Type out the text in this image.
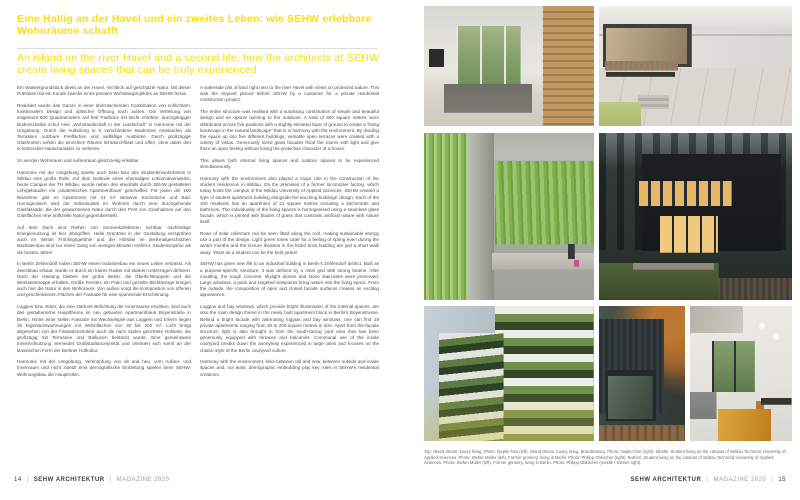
Eine Hallig an der Havel und ein zweites Leben: wie SEHW erlebbare Wohnräume schafft
An island on the river Havel and a second life: how the architects at SEHW create living spaces that can be truly experienced

Ein Wassergrundstück direkt an der Havel, mit Blick auf geschützte Natur. Mit dieser Prämisse trat ein Kunde zwecks eines privaten Wohnbauprojektes an SEHW heran.

Realisiert wurde das Ganze in einer überraschenden Kombination von schlichtem, funktionalem Design und optischer Öffnung nach außen. Die Verteilung von insgesamt 600 Quadratmetern auf fünf Pavillons mit leicht erhöhter, durchgängiger Bodenscheibe schuf eine „Wohnlandschaft in der Landschaft“ in Harmonie mit der Umgebung. Durch die Aufteilung in 5 verschiedene Baukörper entstanden als Terrassen nutzbare Freiflächen und vielfältige Ausblicke. Durch großzügige Glasfronten wirken die einzelnen Räume lichtdurchflutet und offen, ohne dabei den schützenden Hauscharakter zu verlieren.

So werden Wohnraum und Außenraum gleichzeitig erlebbar.

Harmonie mit der Umgebung spielte auch beim Bau des Studentenwohnheims in Wildau eine große Rolle. Auf dem Gelände eines ehemaligen Lokomotivenwerks, heute Campus der TH Wildau, wurde neben den ebenfalls durch SEHW gestalteten Lehrgebäuden ein „studentisches Apartmenthaus“ geschaffen. Für jeden der 100 Bewohner gibt es Apartments mit 21 m² inklusive Kochnische und Bad. Homogenisiert wird die Individualität im Wohnen durch eine durchgehende Glasfassade, die der gewachsenen Natur durch den Print von Grashalmen auf den Glasflächen eine artifizielle Natur gegenüberstellt.

Auf dem Dach sind Reihen von Sonnenkollektoren sichtbar, nachhaltige Energienutzung ist hier inbegriffen. Helle Grüntöne in der Gestaltung versprühen auch im Winter Frühlingsgefühle und die Hörsäle im denkmalgeschützten Backsteinbau sind nur einen Gang von wenigen Minuten entfernt. Studentenjahre als die besten Jahre!

In Berlin Zehlendorf haben SEHW einem Industriebau ein neues Leben verpasst. Als Zweckbau erbaut, wurde er durch ein klares Raster mit starken Unterzügen definiert. Nach der Häutung blieben der grobe Beton, die Oberlichtkuppeln und die Werksteintreppe erhalten. Große Fenster, ein Patio und gezielte Blickbezüge bringen auch hier die Natur in den Wohnraum. Von außen sorgt die Komposition von offenen und geschlossenen Flächen der Fassade für eine spannende Erscheinung.

Loggien bzw. Erker, die eine stärkere Belichtung der Innenräume erwirken, sind auch das gestalterische Hauptthema im neu gebauten Apartmenthaus Boyenstraße in Berlin. Hinter einer hellen Fassade mit Wechselspiel aus Loggien und Erkern liegen 28 Eigentumswohnungen mit Wohnflächen von 30 bis 200 m². Licht bringt abgesehen von der Fassadenstruktur auch die nach Süden gerichtete Hofseite, die großzügig mit Terrassen und Balkonen bestückt wurde. Eine gemeinsame Innenhofnutzung vermeidet Großstadtanonymität und orientiert sich somit an der klassischen Form der Berliner Hofkultur.

Harmonie mit der Umgebung, Verknüpfung von alt und neu, vom Außen- und Innenraum und nicht zuletzt eine demografische Einbettung spielen beim SEHW-Wohnungsbau die Hauptrollen.

A waterside plot of land right next to the river Havel with views on protected nature. This was the request placed before SEHW by a customer for a private residential construction project.

The entire structure was realised with a surprising combination of simple and beautiful design and an optical opening to the outdoors. A total of 600 square metres were distributed across five pavilions with a slightly elevated layer of ground to create a “living landscape in the natural landscape” that is in harmony with the environment. By dividing the space up into five different buildings, versatile open terraces were created with a variety of vistas. Generously sized glass facades flood the rooms with light and give them an open feeling without losing the protective character of a house.

This allows both internal living spaces and outdoor spaces to be experienced simultaneously.

Harmony with the environment also played a major role in the construction of the student residences in Wildau. On the premises of a former locomotive factory, which today hosts the campus of the Wildau University of Applied Sciences, SEHW created a type of student apartment building alongside the teaching buildings’ design. Each of the 100 residents has an apartment of 21 square metres including a kitchenette and bathroom. The individuality of the living spaces is homogenised using a seamless glass facade, which is printed with blades of grass that contrasts artificial nature with nature itself.

Rows of solar collectors can be seen fitted along the roof, making sustainable energy use a part of the design. Light green tones cater for a feeling of spring even during the winter months and the lecture theatres in the listed brick building are just a short walk away. Years as a student can be the best years!

SEHW has given new life to an industrial building in Berlin’s Zehlendorf district. Built as a purpose-specific structure, it was defined by a clear grid with strong beams. After moulting, the rough concrete, skylight domes and stone staircases were preserved. Large windows, a patio and targeted viewpoints bring nature into the living space. From the outside, the composition of open and closed facade surfaces creates an exciting appearance.

Loggias and bay windows, which provide bright illumination of the internal spaces, are also the main design theme in the newly built apartment block in Berlin’s Boyenstrasse. Behind a bright facade with alternating loggias and bay windows, one can find 28 private apartments ranging from 30 to 200 square metres in size. Apart from the facade structure, light is also brought in from the south-facing yard area that has been generously equipped with terraces and balconies. Communal use of the inside courtyard breaks down the anonymity experienced in large cities and focuses on the classic style of the Berlin courtyard culture.

Harmony with the environment, links between old and new, between outside and inside spaces and, not least, demographic embedding play key roles in SEHW’s residential creations.

14 | SEHW ARCHITEKTUR | MAGAZINE 2020
Top: Island dream, luxury living. Photo: hiepler-foto (left). Island dream, luxury living, Brandenburg. Photo: hiepler-foto (right). Middle: Student living on the campus of Wildau Technical University of Applied Sciences. Photo: Stefan Müller (left). Former grinnery, living in Berlin. Photo: Philipp Obkircher (right). Bottom: Student living on the campus of Wildau Technical University of Applied Sciences. Photo: Stefan Müller (left). Former grinnery, living in Berlin. Photo: Philipp Obkircher (middle / bottom right).
SEHW ARCHITEKTUR | MAGAZINE 2020 | 15
